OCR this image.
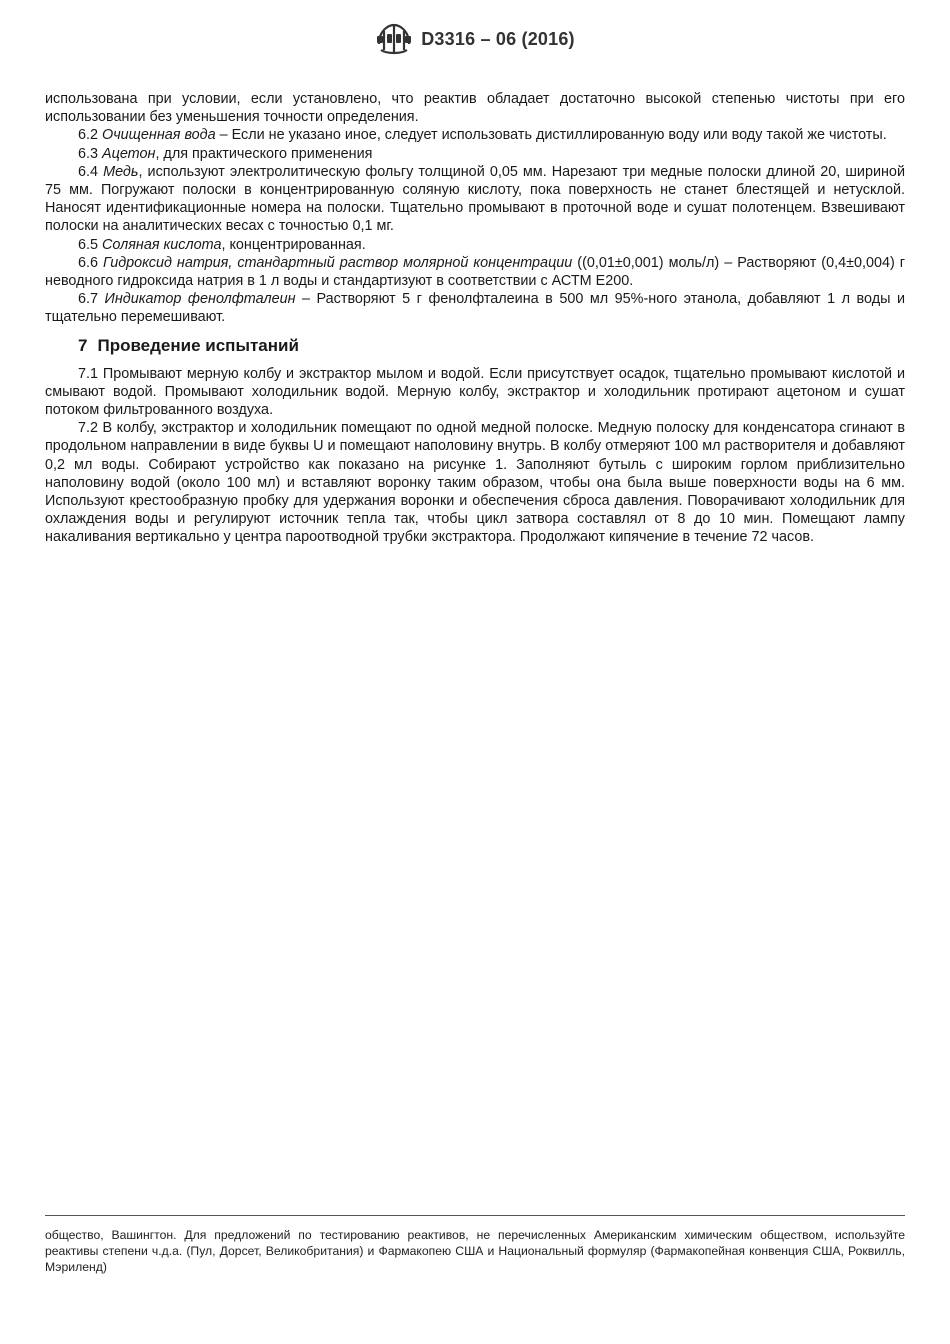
D3316 – 06 (2016)

использована при условии, если установлено, что реактив обладает достаточно высокой степенью чистоты при его использовании без уменьшения точности определения.

6.2 Очищенная вода – Если не указано иное, следует использовать дистиллированную воду или воду такой же чистоты.

6.3 Ацетон, для практического применения

6.4 Медь, используют электролитическую фольгу толщиной 0,05 мм. Нарезают три медные полоски длиной 20, шириной 75 мм. Погружают полоски в концентрированную соляную кислоту, пока поверхность не станет блестящей и нетусклой. Наносят идентификационные номера на полоски. Тщательно промывают в проточной воде и сушат полотенцем. Взвешивают полоски на аналитических весах с точностью 0,1 мг.

6.5 Соляная кислота, концентрированная.

6.6 Гидроксид натрия, стандартный раствор молярной концентрации ((0,01±0,001) моль/л) – Растворяют (0,4±0,004) г неводного гидроксида натрия в 1 л воды и стандартизуют в соответствии с АСТМ E200.

6.7 Индикатор фенолфталеин – Растворяют 5 г фенолфталеина в 500 мл 95%-ного этанола, добавляют 1 л воды и тщательно перемешивают.

7 Проведение испытаний

7.1 Промывают мерную колбу и экстрактор мылом и водой. Если присутствует осадок, тщательно промывают кислотой и смывают водой. Промывают холодильник водой. Мерную колбу, экстрактор и холодильник протирают ацетоном и сушат потоком фильтрованного воздуха.

7.2 В колбу, экстрактор и холодильник помещают по одной медной полоске. Медную полоску для конденсатора сгинают в продольном направлении в виде буквы U и помещают наполовину внутрь. В колбу отмеряют 100 мл растворителя и добавляют 0,2 мл воды. Собирают устройство как показано на рисунке 1. Заполняют бутыль с широким горлом приблизительно наполовину водой (около 100 мл) и вставляют воронку таким образом, чтобы она была выше поверхности воды на 6 мм. Используют крестообразную пробку для удержания воронки и обеспечения сброса давления. Поворачивают холодильник для охлаждения воды и регулируют источник тепла так, чтобы цикл затвора составлял от 8 до 10 мин. Помещают лампу накаливания вертикально у центра пароотводной трубки экстрактора. Продолжают кипячение в течение 72 часов.

общество, Вашингтон. Для предложений по тестированию реактивов, не перечисленных Американским химическим обществом, используйте реактивы степени ч.д.а. (Пул, Дорсет, Великобритания) и Фармакопею США и Национальный формуляр (Фармакопейная конвенция США, Роквилль, Мэриленд)
